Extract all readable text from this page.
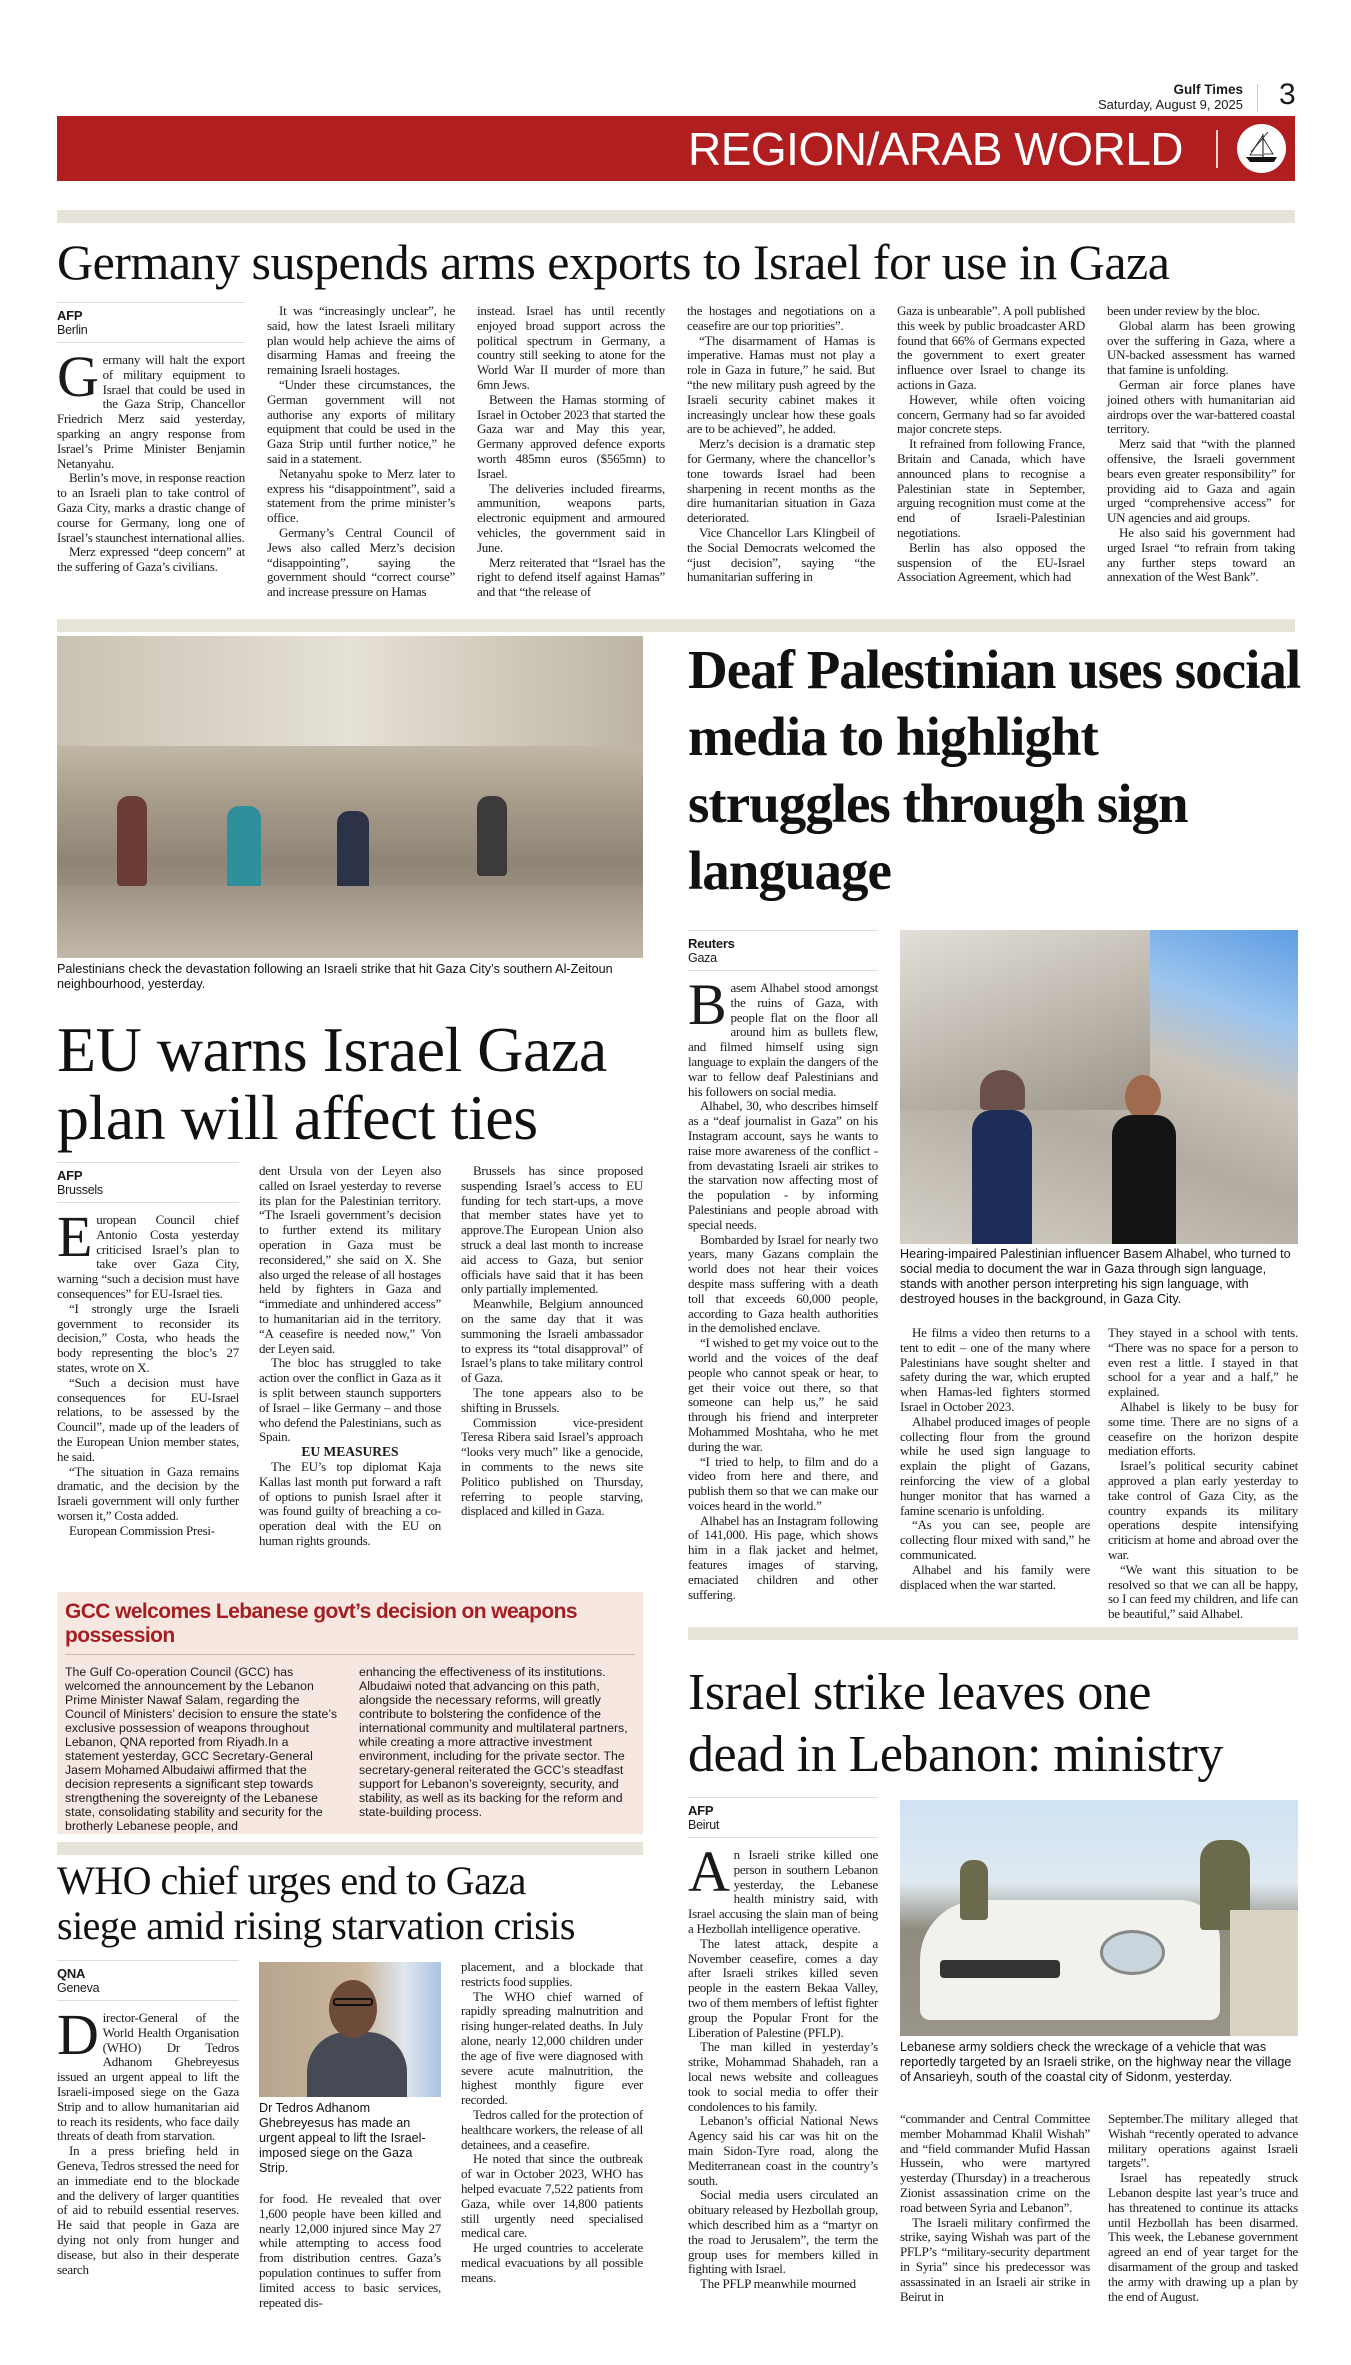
Gulf Times
Saturday, August 9, 2025 3
REGION/ARAB WORLD
Germany suspends arms exports to Israel for use in Gaza
AFP
Berlin

Germany will halt the export of military equipment to Israel that could be used in the Gaza Strip, Chancellor Friedrich Merz said yesterday, sparking an angry response from Israel’s Prime Minister Benjamin Netanyahu.

Berlin’s move, in response reaction to an Israeli plan to take control of Gaza City, marks a drastic change of course for Germany, long one of Israel’s staunchest international allies.

Merz expressed “deep concern” at the suffering of Gaza’s civilians.

It was “increasingly unclear”, he said, how the latest Israeli military plan would help achieve the aims of disarming Hamas and freeing the remaining Israeli hostages.

“Under these circumstances, the German government will not authorise any exports of military equipment that could be used in the Gaza Strip until further notice,” he said in a statement.

Netanyahu spoke to Merz later to express his “disappointment”, said a statement from the prime minister’s office.

Germany’s Central Council of Jews also called Merz’s decision “disappointing”, saying the government should “correct course” and increase pressure on Hamas

instead. Israel has until recently enjoyed broad support across the political spectrum in Germany, a country still seeking to atone for the World War II murder of more than 6mn Jews.

Between the Hamas storming of Israel in October 2023 that started the Gaza war and May this year, Germany approved defence exports worth 485mn euros ($565mn) to Israel.

The deliveries included firearms, ammunition, weapons parts, electronic equipment and armoured vehicles, the government said in June.

Merz reiterated that “Israel has the right to defend itself against Hamas” and that “the release of

the hostages and negotiations on a ceasefire are our top priorities”.

“The disarmament of Hamas is imperative. Hamas must not play a role in Gaza in future,” he said. But “the new military push agreed by the Israeli security cabinet makes it increasingly unclear how these goals are to be achieved”, he added.

Merz’s decision is a dramatic step for Germany, where the chancellor’s tone towards Israel had been sharpening in recent months as the dire humanitarian situation in Gaza deteriorated.

Vice Chancellor Lars Klingbeil of the Social Democrats welcomed the “just decision”, saying “the humanitarian suffering in

Gaza is unbearable”. A poll published this week by public broadcaster ARD found that 66% of Germans expected the government to exert greater influence over Israel to change its actions in Gaza.

However, while often voicing concern, Germany had so far avoided major concrete steps.

It refrained from following France, Britain and Canada, which have announced plans to recognise a Palestinian state in September, arguing recognition must come at the end of Israeli-Palestinian negotiations.

Berlin has also opposed the suspension of the EU-Israel Association Agreement, which had

been under review by the bloc.

Global alarm has been growing over the suffering in Gaza, where a UN-backed assessment has warned that famine is unfolding.

German air force planes have joined others with humanitarian aid airdrops over the war-battered coastal territory.

Merz said that “with the planned offensive, the Israeli government bears even greater responsibility” for providing aid to Gaza and again urged “comprehensive access” for UN agencies and aid groups.

He also said his government had urged Israel “to refrain from taking any further steps toward an annexation of the West Bank”.

Palestinians check the devastation following an Israeli strike that hit Gaza City’s southern Al-Zeitoun neighbourhood, yesterday.
EU warns Israel Gaza plan will affect ties
AFP
Brussels

European Council chief Antonio Costa yesterday criticised Israel’s plan to take over Gaza City, warning “such a decision must have consequences” for EU-Israel ties.

“I strongly urge the Israeli government to reconsider its decision,” Costa, who heads the body representing the bloc’s 27 states, wrote on X.

“Such a decision must have consequences for EU-Israel relations, to be assessed by the Council”, made up of the leaders of the European Union member states, he said.

“The situation in Gaza remains dramatic, and the decision by the Israeli government will only further worsen it,” Costa added.

European Commission Presi-

dent Ursula von der Leyen also called on Israel yesterday to reverse its plan for the Palestinian territory. “The Israeli government’s decision to further extend its military operation in Gaza must be reconsidered,” she said on X. She also urged the release of all hostages held by fighters in Gaza and “immediate and unhindered access” to humanitarian aid in the territory. “A ceasefire is needed now,” Von der Leyen said.

The bloc has struggled to take action over the conflict in Gaza as it is split between staunch supporters of Israel – like Germany – and those who defend the Palestinians, such as Spain.

EU MEASURES

The EU’s top diplomat Kaja Kallas last month put forward a raft of options to punish Israel after it was found guilty of breaching a co-operation deal with the EU on human rights grounds.

Brussels has since proposed suspending Israel’s access to EU funding for tech start-ups, a move that member states have yet to approve.The European Union also struck a deal last month to increase aid access to Gaza, but senior officials have said that it has been only partially implemented.

Meanwhile, Belgium announced on the same day that it was summoning the Israeli ambassador to express its “total disapproval” of Israel’s plans to take military control of Gaza.

The tone appears also to be shifting in Brussels.

Commission vice-president Teresa Ribera said Israel’s approach “looks very much” like a genocide, in comments to the news site Politico published on Thursday, referring to people starving, displaced and killed in Gaza.

GCC welcomes Lebanese govt’s decision on weapons possession
The Gulf Co-operation Council (GCC) has welcomed the announcement by the Lebanon Prime Minister Nawaf Salam, regarding the Council of Ministers’ decision to ensure the state’s exclusive possession of weapons throughout Lebanon, QNA reported from Riyadh.In a statement yesterday, GCC Secretary-General Jasem Mohamed Albudaiwi affirmed that the decision represents a significant step towards strengthening the sovereignty of the Lebanese state, consolidating stability and security for the brotherly Lebanese people, and
enhancing the effectiveness of its institutions. Albudaiwi noted that advancing on this path, alongside the necessary reforms, will greatly contribute to bolstering the confidence of the international community and multilateral partners, while creating a more attractive investment environment, including for the private sector. The secretary-general reiterated the GCC’s steadfast support for Lebanon’s sovereignty, security, and stability, as well as its backing for the reform and state-building process.
WHO chief urges end to Gaza siege amid rising starvation crisis
QNA
Geneva

Director-General of the World Health Organisation (WHO) Dr Tedros Adhanom Ghebreyesus issued an urgent appeal to lift the Israeli-imposed siege on the Gaza Strip and to allow humanitarian aid to reach its residents, who face daily threats of death from starvation.

In a press briefing held in Geneva, Tedros stressed the need for an immediate end to the blockade and the delivery of larger quantities of aid to rebuild essential reserves. He said that people in Gaza are dying not only from hunger and disease, but also in their desperate search

Dr Tedros Adhanom Ghebreyesus has made an urgent appeal to lift the Israel-imposed siege on the Gaza Strip.

for food. He revealed that over 1,600 people have been killed and nearly 12,000 injured since May 27 while attempting to access food from distribution centres. Gaza’s population continues to suffer from limited access to basic services, repeated dis-

placement, and a blockade that restricts food supplies.

The WHO chief warned of rapidly spreading malnutrition and rising hunger-related deaths. In July alone, nearly 12,000 children under the age of five were diagnosed with severe acute malnutrition, the highest monthly figure ever recorded.

Tedros called for the protection of healthcare workers, the release of all detainees, and a ceasefire.

He noted that since the outbreak of war in October 2023, WHO has helped evacuate 7,522 patients from Gaza, while over 14,800 patients still urgently need specialised medical care.

He urged countries to accelerate medical evacuations by all possible means.

Deaf Palestinian uses social media to highlight struggles through sign language
Reuters
Gaza

Basem Alhabel stood amongst the ruins of Gaza, with people flat on the floor all around him as bullets flew, and filmed himself using sign language to explain the dangers of the war to fellow deaf Palestinians and his followers on social media.

Alhabel, 30, who describes himself as a “deaf journalist in Gaza” on his Instagram account, says he wants to raise more awareness of the conflict - from devastating Israeli air strikes to the starvation now affecting most of the population - by informing Palestinians and people abroad with special needs.

Bombarded by Israel for nearly two years, many Gazans complain the world does not hear their voices despite mass suffering with a death toll that exceeds 60,000 people, according to Gaza health authorities in the demolished enclave.

“I wished to get my voice out to the world and the voices of the deaf people who cannot speak or hear, to get their voice out there, so that someone can help us,” he said through his friend and interpreter Mohammed Moshtaha, who he met during the war.

“I tried to help, to film and do a video from here and there, and publish them so that we can make our voices heard in the world.”

Alhabel has an Instagram following of 141,000. His page, which shows him in a flak jacket and helmet, features images of starving, emaciated children and other suffering.

Hearing-impaired Palestinian influencer Basem Alhabel, who turned to social media to document the war in Gaza through sign language, stands with another person interpreting his sign language, with destroyed houses in the background, in Gaza City.

He films a video then returns to a tent to edit – one of the many where Palestinians have sought shelter and safety during the war, which erupted when Hamas-led fighters stormed Israel in October 2023.

Alhabel produced images of people collecting flour from the ground while he used sign language to explain the plight of Gazans, reinforcing the view of a global hunger monitor that has warned a famine scenario is unfolding.

“As you can see, people are collecting flour mixed with sand,” he communicated.

Alhabel and his family were displaced when the war started.

They stayed in a school with tents. “There was no space for a person to even rest a little. I stayed in that school for a year and a half,” he explained.

Alhabel is likely to be busy for some time. There are no signs of a ceasefire on the horizon despite mediation efforts.

Israel’s political security cabinet approved a plan early yesterday to take control of Gaza City, as the country expands its military operations despite intensifying criticism at home and abroad over the war.

“We want this situation to be resolved so that we can all be happy, so I can feed my children, and life can be beautiful,” said Alhabel.

Israel strike leaves one dead in Lebanon: ministry
AFP
Beirut

An Israeli strike killed one person in southern Lebanon yesterday, the Lebanese health ministry said, with Israel accusing the slain man of being a Hezbollah intelligence operative.

The latest attack, despite a November ceasefire, comes a day after Israeli strikes killed seven people in the eastern Bekaa Valley, two of them members of leftist fighter group the Popular Front for the Liberation of Palestine (PFLP).

The man killed in yesterday’s strike, Mohammad Shahadeh, ran a local news website and colleagues took to social media to offer their condolences to his family.

Lebanon’s official National News Agency said his car was hit on the main Sidon-Tyre road, along the Mediterranean coast in the country’s south.

Social media users circulated an obituary released by Hezbollah group, which described him as a “martyr on the road to Jerusalem”, the term the group uses for members killed in fighting with Israel.

The PFLP meanwhile mourned

Lebanese army soldiers check the wreckage of a vehicle that was reportedly targeted by an Israeli strike, on the highway near the village of Ansarieyh, south of the coastal city of Sidonm, yesterday.

“commander and Central Committee member Mohammad Khalil Wishah” and “field commander Mufid Hassan Hussein, who were martyred yesterday (Thursday) in a treacherous Zionist assassination crime on the road between Syria and Lebanon”.

The Israeli military confirmed the strike, saying Wishah was part of the PFLP’s “military-security department in Syria” since his predecessor was assassinated in an Israeli air strike in Beirut in

September.The military alleged that Wishah “recently operated to advance military operations against Israeli targets”.

Israel has repeatedly struck Lebanon despite last year’s truce and has threatened to continue its attacks until Hezbollah has been disarmed. This week, the Lebanese government agreed an end of year target for the disarmament of the group and tasked the army with drawing up a plan by the end of August.
